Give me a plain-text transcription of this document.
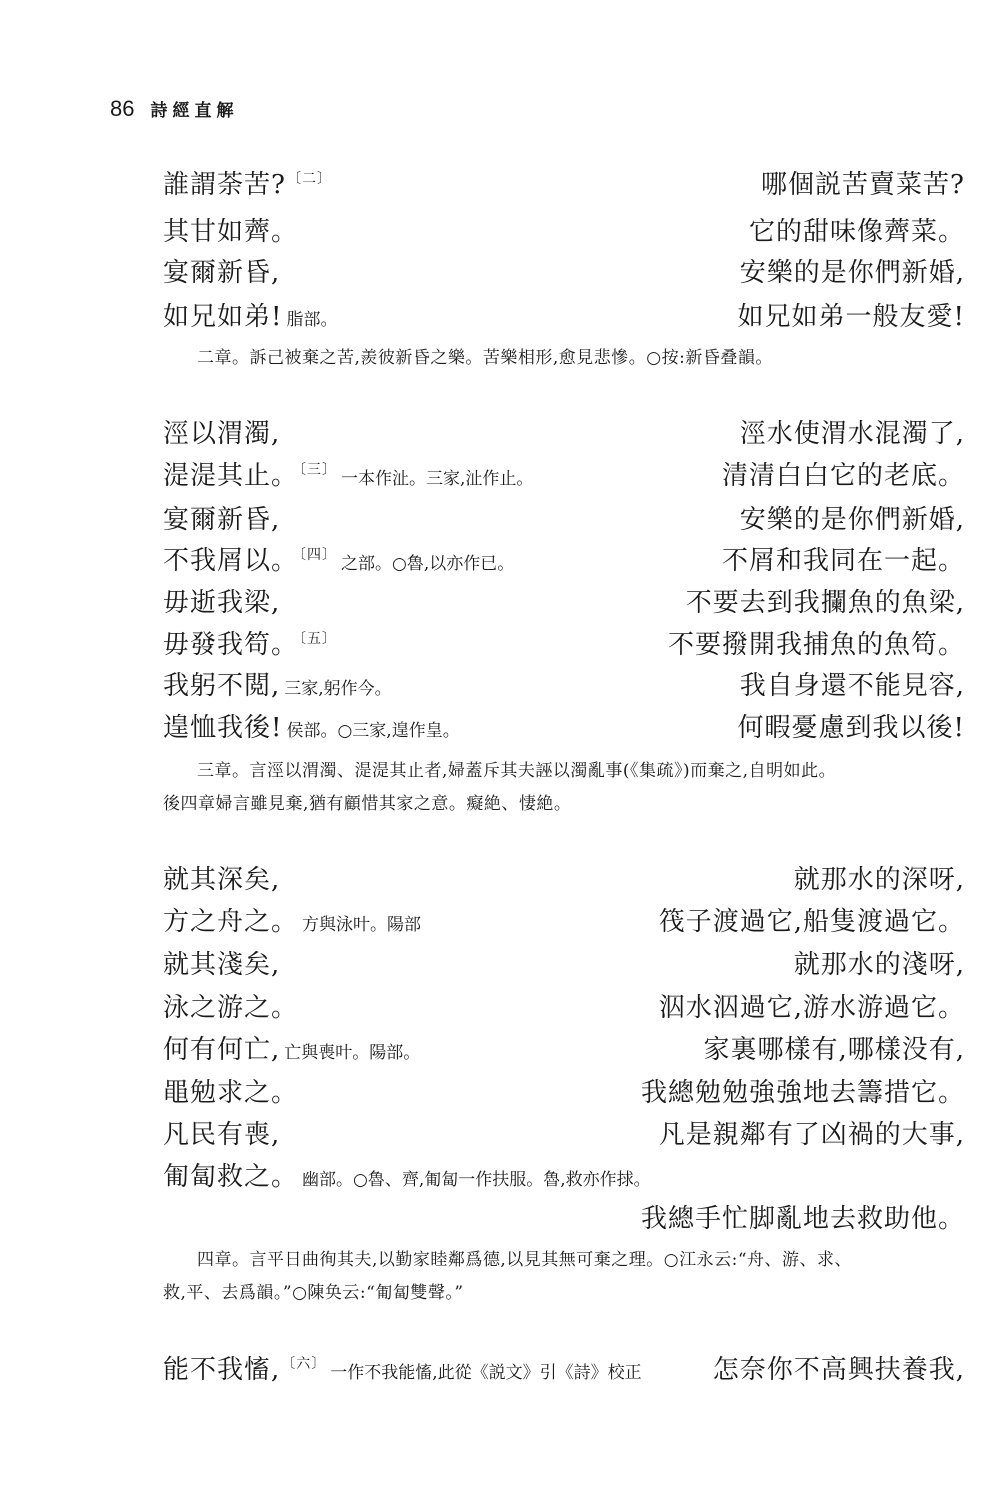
86 詩經直解
誰謂荼苦?$^{〔二〕}$	哪個説苦賣菜苦?
其甘如薺。	它的甜味像薺菜。
宴爾新昏,	安樂的是你們新婚,
如兄如弟! 脂部。	如兄如弟一般友愛!
二章。訴己被棄之苦,羨彼新昏之樂。苦樂相形,愈見悲慘。○按:新昏叠韻。
涇以渭濁,	涇水使渭水混濁了,
湜湜其止。$^{〔三〕}$ 一本作沚。三家,沚作止。	清清白白它的老底。
宴爾新昏,	安樂的是你們新婚,
不我屑以。$^{〔四〕}$ 之部。○魯,以亦作已。	不屑和我同在一起。
毋逝我梁,	不要去到我攔魚的魚梁,
毋發我笱。$^{〔五〕}$	不要撥開我捕魚的魚笱。
我躬不閲, 三家,躬作今。	我自身還不能見容,
遑恤我後! 侯部。○三家,遑作皇。	何暇憂慮到我以後!
三章。言涇以渭濁、湜湜其止者,婦蓋斥其夫誣以濁亂事(《集疏》)而棄之,自明如此。
後四章婦言雖見棄,猶有顧惜其家之意。癡絶、悽絶。
就其深矣,	就那水的深呀,
方之舟之。 方與泳叶。陽部	筏子渡過它,船隻渡過它。
就其淺矣,	就那水的淺呀,
泳之游之。	泅水泅過它,游水游過它。
何有何亡, 亡與喪叶。陽部。	家裏哪樣有,哪樣没有,
黽勉求之。	我總勉勉強強地去籌措它。
凡民有喪,	凡是親鄰有了凶禍的大事,
匍匐救之。 幽部。○魯、齊,匍匐一作扶服。魯,救亦作捄。
我總手忙脚亂地去救助他。
四章。言平日曲徇其夫,以勤家睦鄰爲德,以見其無可棄之理。○江永云:“舟、游、求、
救,平、去爲韻。”○陳奂云:“匍匐雙聲。”
能不我慉,$^{〔六〕}$ 一作不我能慉,此從《説文》引《詩》校正	怎奈你不高興扶養我,
